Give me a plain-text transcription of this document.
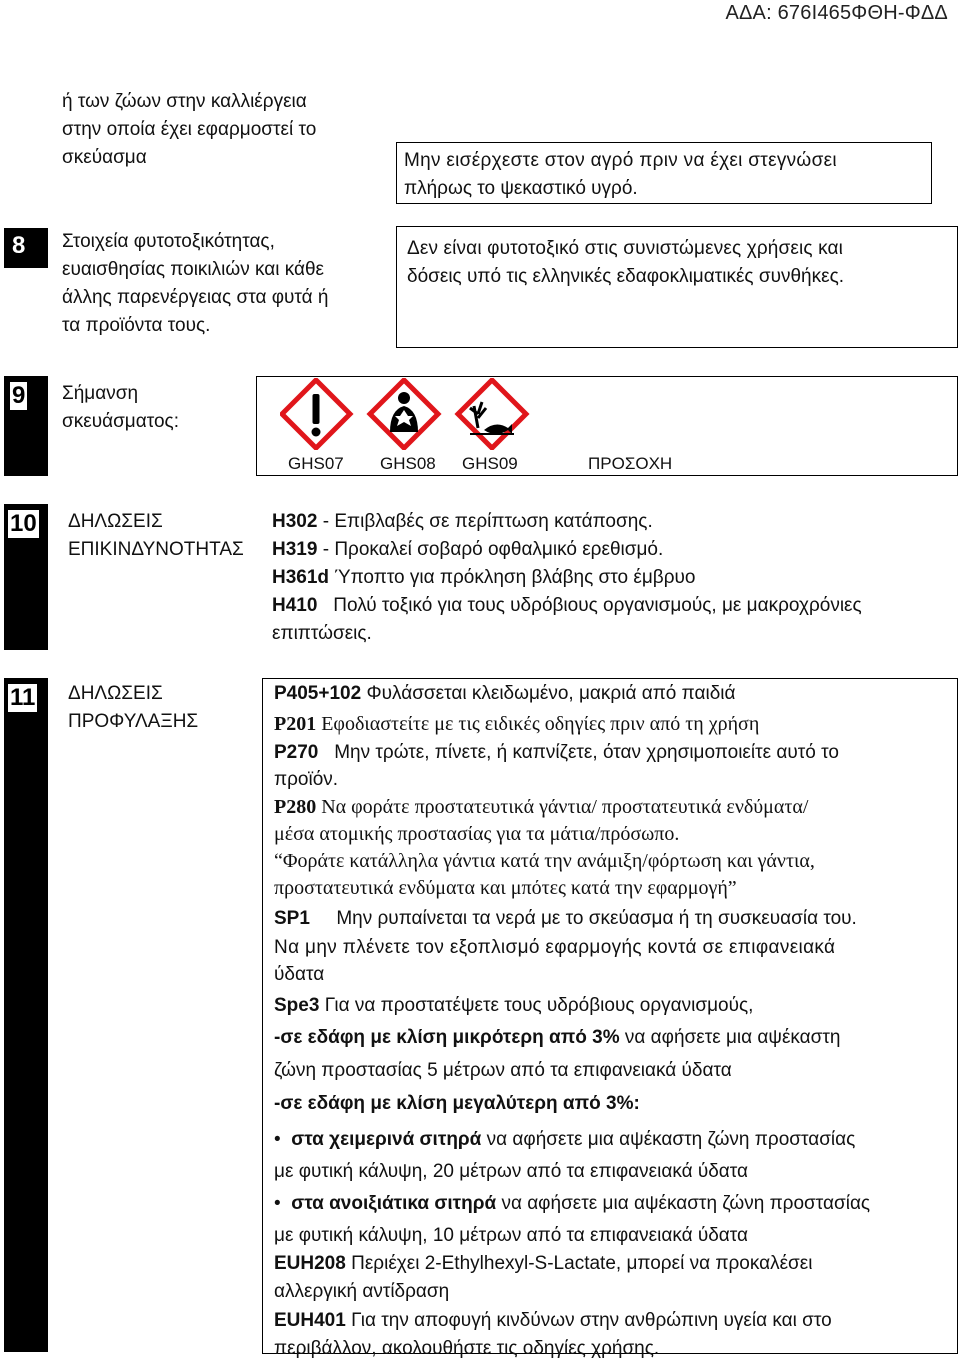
ΑΔΑ: 676Ι465ΦΘΗ-ΦΔΔ
ή των ζώων στην καλλιέργεια
στην οποία έχει εφαρμοστεί το
σκεύασμα	Μην εισέρχεστε στον αγρό πριν να έχει στεγνώσει
πλήρως το ψεκαστικό υγρό.
8 Στοιχεία φυτοτοξικότητας,
ευαισθησίας ποικιλιών και κάθε
άλλης παρενέργειας στα φυτά ή
τα προϊόντα τους.
Δεν είναι φυτοτοξικό στις συνιστώμενες χρήσεις και
δόσεις υπό τις ελληνικές εδαφοκλιματικές συνθήκες.
9 Σήμανση
σκευάσματος:
GHS07 GHS08 GHS09	ΠΡΟΣΟΧΗ
10 ΔΗΛΩΣΕΙΣ
ΕΠΙΚΙΝΔΥΝΟΤΗΤΑΣ
H302 - Επιβλαβές σε περίπτωση κατάποσης.
H319 - Προκαλεί σοβαρό οφθαλμικό ερεθισμό.
H361d Ύποπτο για πρόκληση βλάβης στο έμβρυο
H410 Πολύ τοξικό για τους υδρόβιους οργανισμούς, με μακροχρόνιες
επιπτώσεις.
11 ΔΗΛΩΣΕΙΣ
ΠΡΟΦΥΛΑΞΗΣ
P405+102 Φυλάσσεται κλειδωμένο, μακριά από παιδιά
P201 Εφοδιαστείτε με τις ειδικές οδηγίες πριν από τη χρήση
P270 Μην τρώτε, πίνετε, ή καπνίζετε, όταν χρησιμοποιείτε αυτό το
προϊόν.
P280 Να φοράτε προστατευτικά γάντια/ προστατευτικά ενδύματα/
μέσα ατομικής προστασίας για τα μάτια/πρόσωπο.
“Φοράτε κατάλληλα γάντια κατά την ανάμιξη/φόρτωση και γάντια,
προστατευτικά ενδύματα και μπότες κατά την εφαρμογή”
SP1 Μην ρυπαίνεται τα νερά με το σκεύασμα ή τη συσκευασία του.
Να μην πλένετε τον εξοπλισμό εφαρμογής κοντά σε επιφανειακά
ύδατα
Spe3 Για να προστατέψετε τους υδρόβιους οργανισμούς,
-σε εδάφη με κλίση μικρότερη από 3% να αφήσετε μια αψέκαστη
ζώνη προστασίας 5 μέτρων από τα επιφανειακά ύδατα
-σε εδάφη με κλίση μεγαλύτερη από 3%:
• στα χειμερινά σιτηρά να αφήσετε μια αψέκαστη ζώνη προστασίας
με φυτική κάλυψη, 20 μέτρων από τα επιφανειακά ύδατα
• στα ανοιξιάτικα σιτηρά να αφήσετε μια αψέκαστη ζώνη προστασίας
με φυτική κάλυψη, 10 μέτρων από τα επιφανειακά ύδατα
EUH208 Περιέχει 2-Ethylhexyl-S-Lactate, μπορεί να προκαλέσει
αλλεργική αντίδραση
EUH401 Για την αποφυγή κινδύνων στην ανθρώπινη υγεία και στο
περιβάλλον, ακολουθήστε τις οδηγίες χρήσης.
